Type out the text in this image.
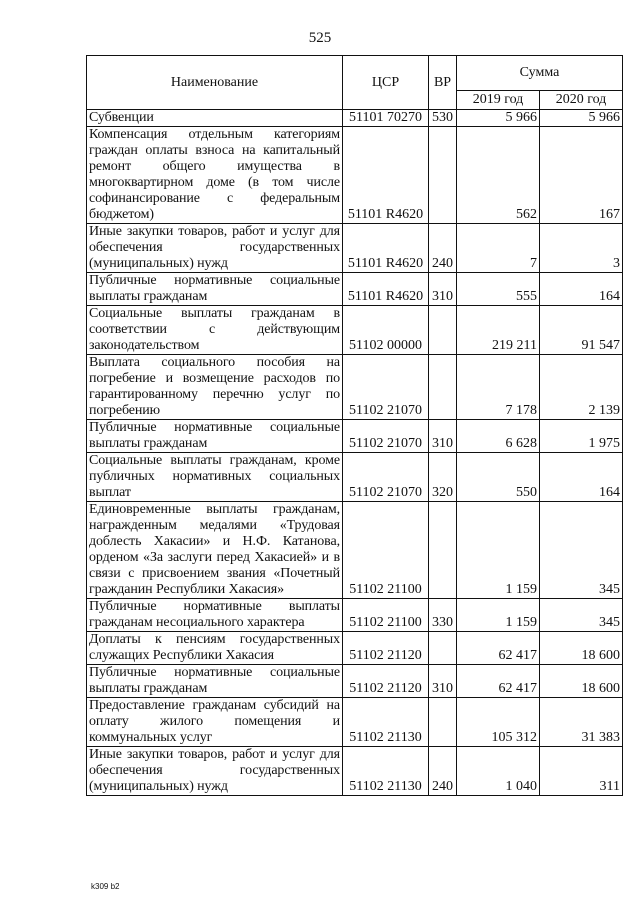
525
Наименование	ЦСР	ВР	Сумма	
			2019 год	2020 год
Субвенции	51101 70270	530	5 966	5 966
Компенсация отдельным категориям граждан оплаты взноса на капитальный ремонт общего имущества в многоквартирном доме (в том числе софинансирование с федеральным бюджетом)	51101 R4620		562	167
Иные закупки товаров, работ и услуг для обеспечения государственных (муниципальных) нужд	51101 R4620	240	7	3
Публичные нормативные социальные выплаты гражданам	51101 R4620	310	555	164
Социальные выплаты гражданам в соответствии с действующим законодательством	51102 00000		219 211	91 547
Выплата социального пособия на погребение и возмещение расходов по гарантированному перечню услуг по погребению	51102 21070		7 178	2 139
Публичные нормативные социальные выплаты гражданам	51102 21070	310	6 628	1 975
Социальные выплаты гражданам, кроме публичных нормативных социальных выплат	51102 21070	320	550	164
Единовременные выплаты гражданам, награжденным медалями «Трудовая доблесть Хакасии» и Н.Ф. Катанова, орденом «За заслуги перед Хакасией» и в связи с присвоением звания «Почетный гражданин Республики Хакасия»	51102 21100		1 159	345
Публичные нормативные выплаты гражданам несоциального характера	51102 21100	330	1 159	345
Доплаты к пенсиям государственных служащих Республики Хакасия	51102 21120		62 417	18 600
Публичные нормативные социальные выплаты гражданам	51102 21120	310	62 417	18 600
Предоставление гражданам субсидий на оплату жилого помещения и коммунальных услуг	51102 21130		105 312	31 383
Иные закупки товаров, работ и услуг для обеспечения государственных (муниципальных) нужд	51102 21130	240	1 040	311
k309 b2
